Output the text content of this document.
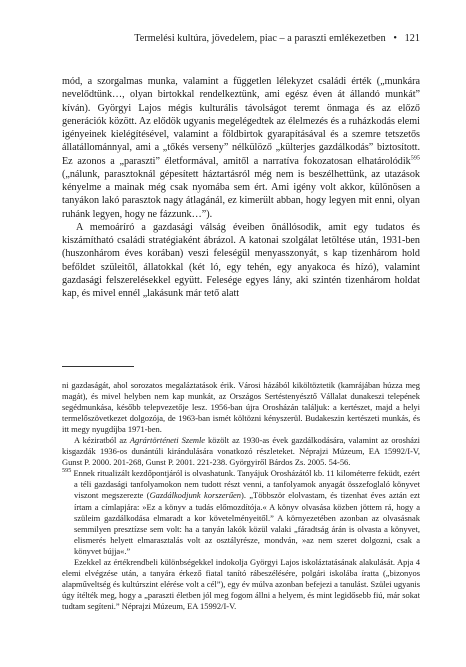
Termelési kultúra, jövedelem, piac – a paraszti emlékezetben • 121

mód, a szorgalmas munka, valamint a független lélekyzet családi érték („munkára nevelődtünk…, olyan birtokkal rendelkeztünk, ami egész éven át állandó munkát” kíván). Györgyi Lajos mégis kulturális távolságot teremt önmaga és az előző generációk között. Az elődök ugyanis megelégedtek az élelmezés és a ruházkodás elemi igényeinek kielégítésével, valamint a földbirtok gyarapításával és a szemre tetszetős állatállománnyal, ami a „tőkés verseny” nélkülöző „külterjes gazdálkodás” biztosított. Ez azonos a „paraszti” életformával, amitől a narratíva fokozatosan elhatárolódik$^{595}$ („nálunk, parasztoknál gépesített háztartásról még nem is beszélhettünk, az utazások kényelme a mainak még csak nyomába sem ért. Ami igény volt akkor, különösen a tanyákon lakó parasztok nagy átlagánál, ez kimerült abban, hogy legyen mit enni, olyan ruhánk legyen, hogy ne fázzunk…”).

A memoáríró a gazdasági válság éveiben önállósodik, amit egy tudatos és kiszámítható családi stratégiaként ábrázol. A katonai szolgálat letöltése után, 1931-ben (huszonhárom éves korában) veszi feleségül menyasszonyát, s kap tizenhárom hold befőldet szüleitől, állatokkal (két ló, egy tehén, egy anyakoca és hízó), valamint gazdasági felszerelésekkel együtt. Felesége egyes lány, aki szintén tizenhárom holdat kap, és mivel ennél „lakásunk már tető alatt

ni gazdaságát, ahol sorozatos megaláztatások érik. Városi házából kiköltöztetik (kamrájában húzza meg magát), és mivel helyben nem kap munkát, az Országos Sertéstenyésztő Vállalat dunakeszi telepének segédmunkása, később telepvezetője lesz. 1956-ban újra Orosházán találjuk: a kertészet, majd a helyi termelőszövetkezet dolgozója, de 1963-ban ismét költözni kényszerül. Budakeszin kertészeti munkás, és itt megy nyugdíjba 1971-ben.

A kéziratból az Agrártörténeti Szemle közölt az 1930-as évek gazdálkodására, valamint az orosházi kisgazdák 1936-os dunántúli kirándulására vonatkozó részleteket. Néprajzi Múzeum, EA 15992/I-V, Gunst P. 2000. 201-268, Gunst P. 2001. 221-238. Györgyiről Bárdos Zs. 2005. 54-56.

$^{595}$ Ennek ritualizált kezdőpontjáról is olvashatunk. Tanyájuk Orosházától kb. 11 kilométerre feküdt, ezért a téli gazdasági tanfolyamokon nem tudott részt venni, a tanfolyamok anyagát összefoglaló könyvet viszont megszerezte (Gazdálkodjunk korszerűen). „Többször elolvastam, és tizenhat éves aztán ezt írtam a címlapjára: »Ez a könyv a tudás előmozdítója.« A könyv olvasása közben jöttem rá, hogy a szüleim gazdálkodása elmaradt a kor követelményeitől.” A környezetében azonban az olvasásnak semmilyen presztízse sem volt: ha a tanyán lakók közül valaki „fáradtság árán is olvasta a könyvet, elismerés helyett elmarasztalás volt az osztályrésze, mondván, »az nem szeret dolgozni, csak a könyvet bújja«.”

Ezekkel az értékrendbeli különbségekkel indokolja Györgyi Lajos iskoláztatásának alakulását. Apja 4 elemi elvégzése után, a tanyára érkező fiatal tanító rábeszélésére, polgári iskolába íratta („bizonyos alapműveltség és kultúrszint elérése volt a cél”), egy év múlva azonban befejezi a tanulást. Szülei ugyanis úgy ítélték meg, hogy a „paraszti életben jól meg fogom állni a helyem, és mint legidősebb fiú, már sokat tudtam segíteni.” Néprajzi Múzeum, EA 15992/I-V.
